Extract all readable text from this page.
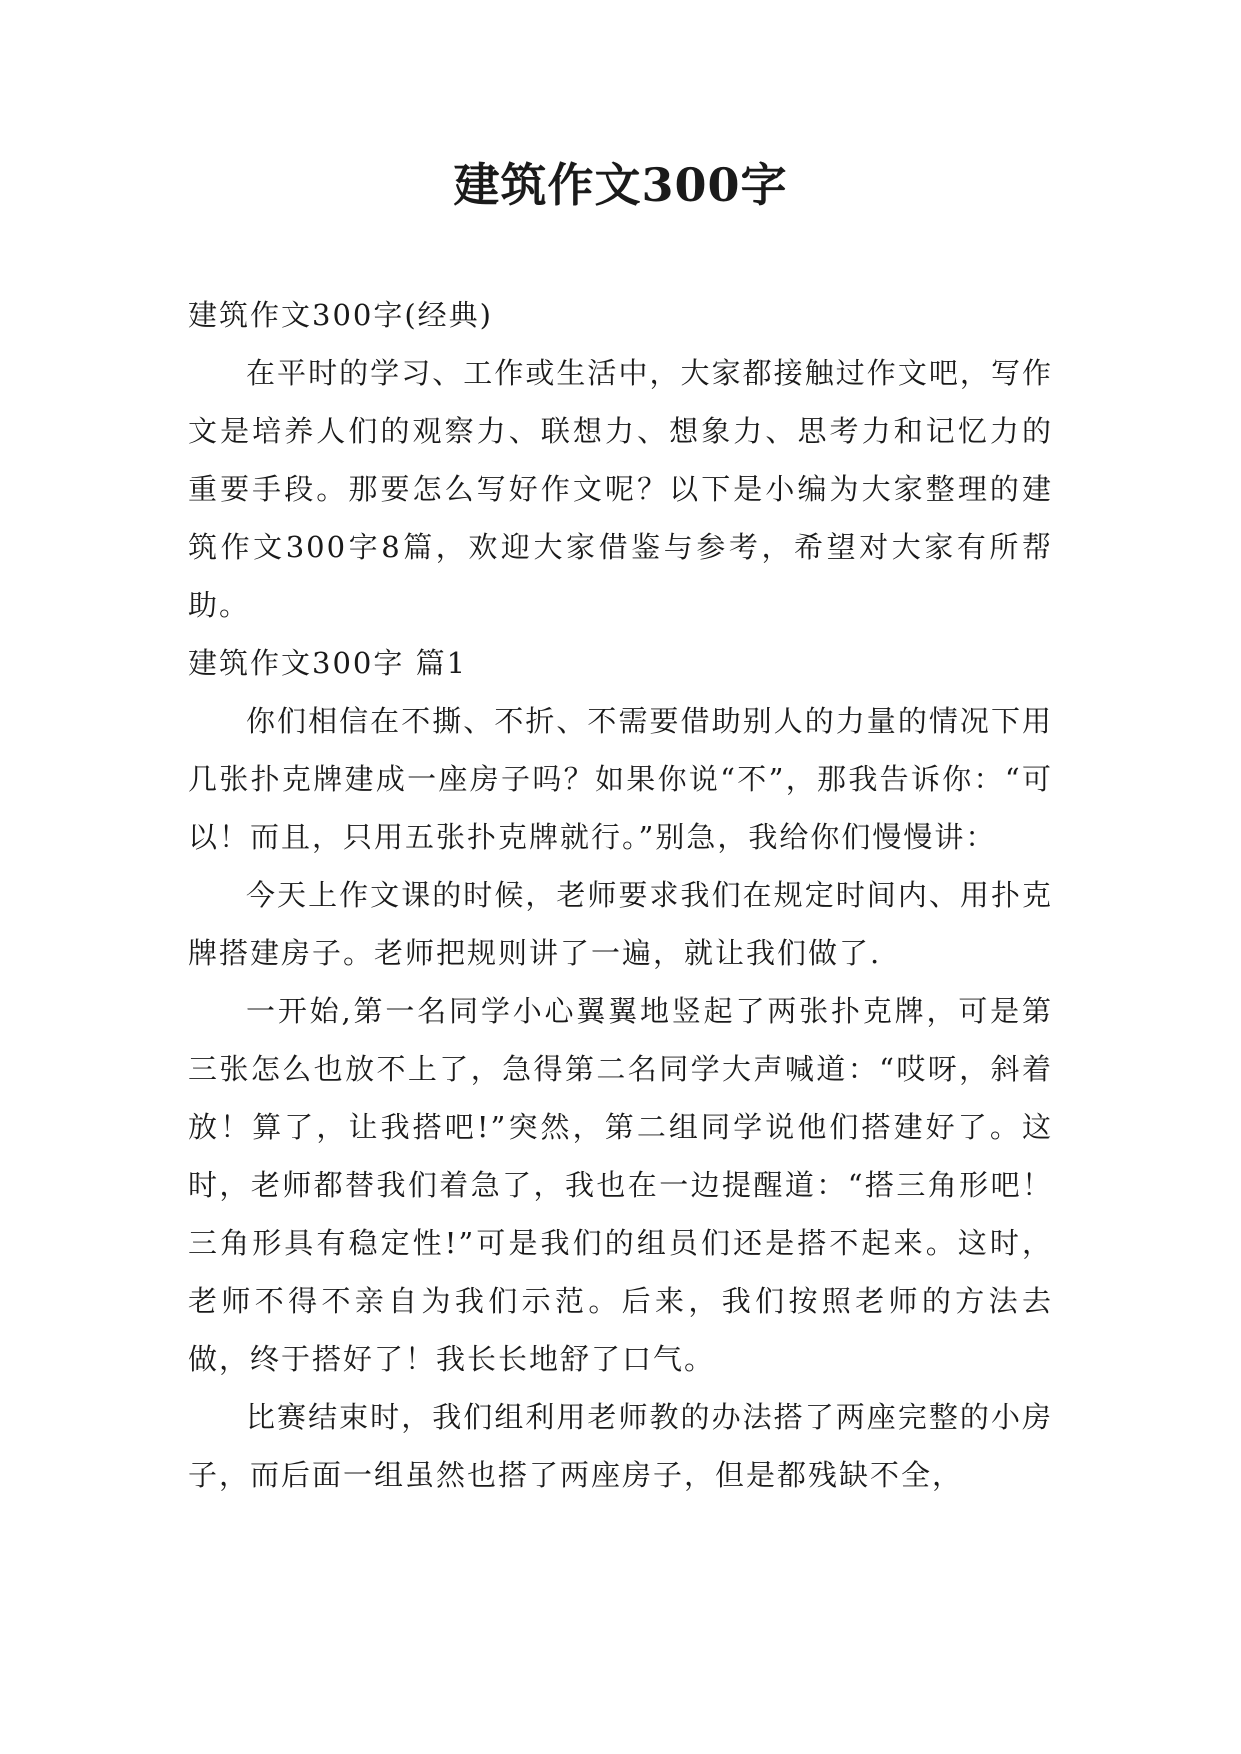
建筑作文300字

建筑作文300字(经典)

在平时的学习、工作或生活中，大家都接触过作文吧，写作文是培养人们的观察力、联想力、想象力、思考力和记忆力的重要手段。那要怎么写好作文呢？以下是小编为大家整理的建筑作文300字8篇，欢迎大家借鉴与参考，希望对大家有所帮助。

建筑作文300字 篇1

你们相信在不撕、不折、不需要借助别人的力量的情况下用几张扑克牌建成一座房子吗？如果你说“不”，那我告诉你：“可以！而且，只用五张扑克牌就行。”别急，我给你们慢慢讲：

今天上作文课的时候，老师要求我们在规定时间内、用扑克牌搭建房子。老师把规则讲了一遍，就让我们做了.

一开始,第一名同学小心翼翼地竖起了两张扑克牌，可是第三张怎么也放不上了，急得第二名同学大声喊道：“哎呀，斜着放！算了，让我搭吧!”突然，第二组同学说他们搭建好了。这时，老师都替我们着急了，我也在一边提醒道：“搭三角形吧！三角形具有稳定性!”可是我们的组员们还是搭不起来。这时，老师不得不亲自为我们示范。后来，我们按照老师的方法去做，终于搭好了！我长长地舒了口气。

比赛结束时，我们组利用老师教的办法搭了两座完整的小房子，而后面一组虽然也搭了两座房子，但是都残缺不全，
